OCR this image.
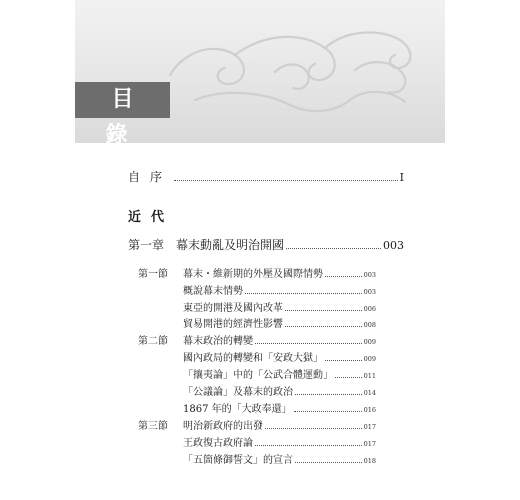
目 錄
自序	I
近代
第一章 幕末動亂及明治開國	003
第一節 幕末・維新期的外壓及國際情勢	003
概說幕末情勢	003
東亞的開港及國內改革	006
貿易開港的經濟性影響	008
第二節 幕末政治的轉變	009
國內政局的轉變和「安政大獄」	009
「攘夷論」中的「公武合體運動」	011
「公議論」及幕末的政治	014
1867 年的「大政奉還」	016
第三節 明治新政府的出發	017
王政復古政府論	017
「五箇條御誓文」的宣言	018
